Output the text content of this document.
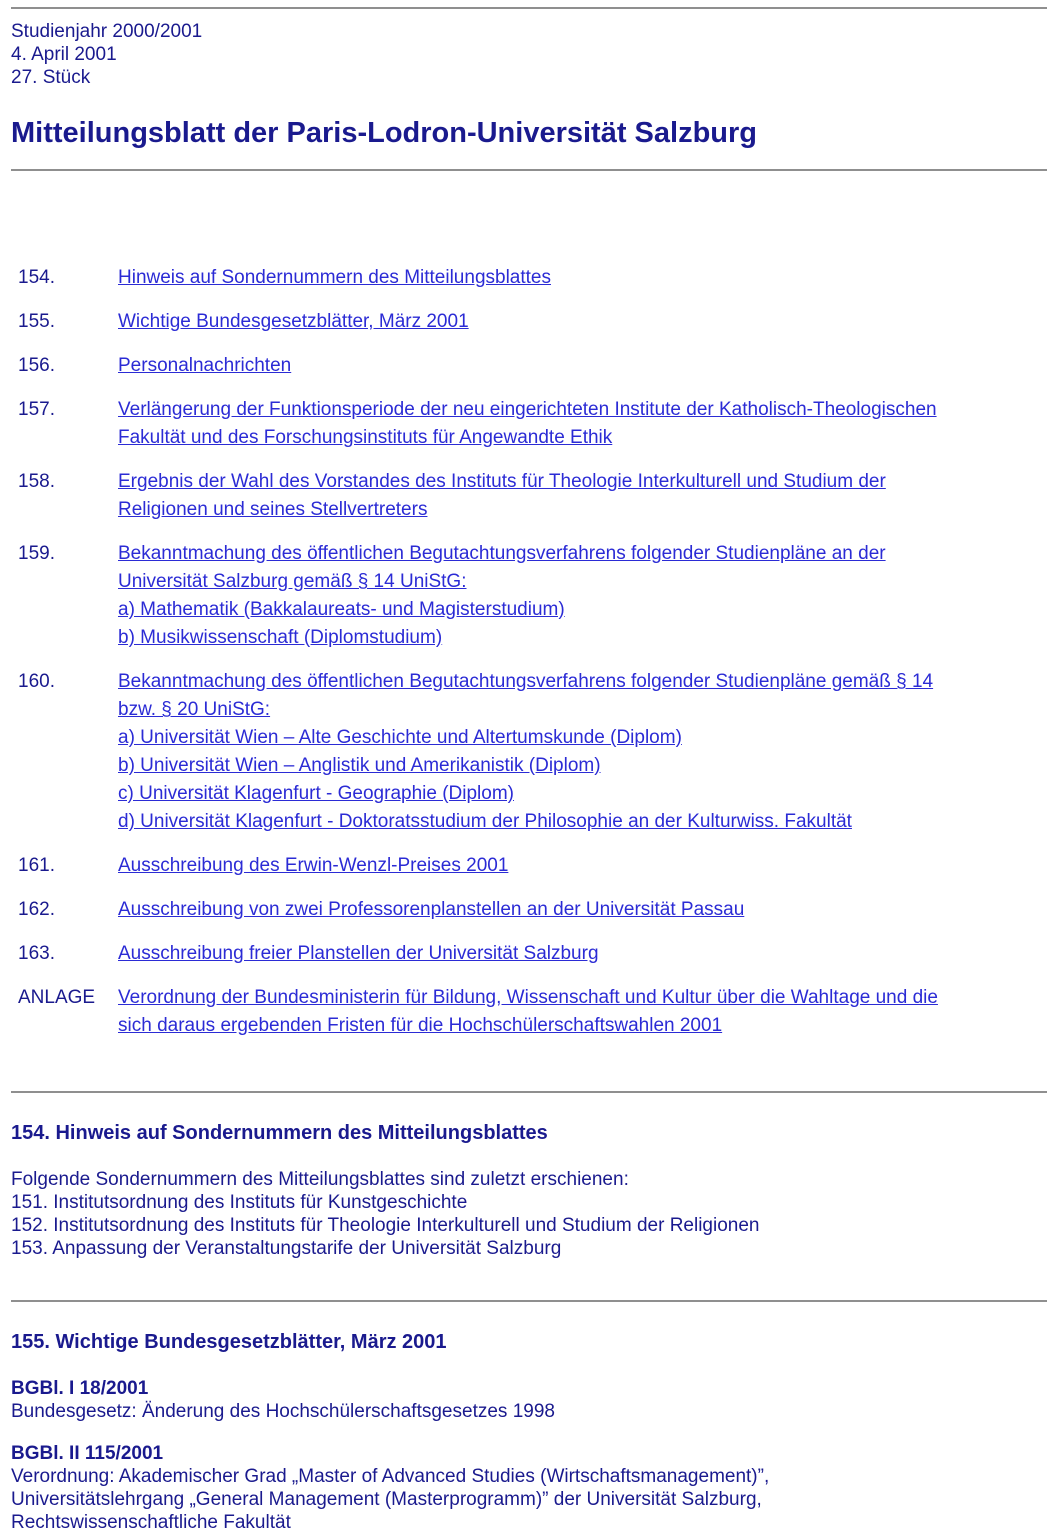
Studienjahr 2000/2001
4. April 2001
27. Stück
Mitteilungsblatt der Paris-Lodron-Universität Salzburg
154.	Hinweis auf Sondernummern des Mitteilungsblattes
155.	Wichtige Bundesgesetzblätter, März 2001
156.	Personalnachrichten
157.	Verlängerung der Funktionsperiode der neu eingerichteten Institute der Katholisch-Theologischen
Fakultät und des Forschungsinstituts für Angewandte Ethik
158.	Ergebnis der Wahl des Vorstandes des Instituts für Theologie Interkulturell und Studium der
Religionen und seines Stellvertreters
159.	Bekanntmachung des öffentlichen Begutachtungsverfahrens folgender Studienpläne an der
Universität Salzburg gemäß § 14 UniStG:
a) Mathematik (Bakkalaureats- und Magisterstudium)
b) Musikwissenschaft (Diplomstudium)
160.	Bekanntmachung des öffentlichen Begutachtungsverfahrens folgender Studienpläne gemäß § 14
bzw. § 20 UniStG:
a) Universität Wien – Alte Geschichte und Altertumskunde (Diplom)
b) Universität Wien – Anglistik und Amerikanistik (Diplom)
c) Universität Klagenfurt - Geographie (Diplom)
d) Universität Klagenfurt - Doktoratsstudium der Philosophie an der Kulturwiss. Fakultät
161.	Ausschreibung des Erwin-Wenzl-Preises 2001
162.	Ausschreibung von zwei Professorenplanstellen an der Universität Passau
163.	Ausschreibung freier Planstellen der Universität Salzburg
ANLAGE	Verordnung der Bundesministerin für Bildung, Wissenschaft und Kultur über die Wahltage und die
sich daraus ergebenden Fristen für die Hochschülerschaftswahlen 2001
154. Hinweis auf Sondernummern des Mitteilungsblattes
Folgende Sondernummern des Mitteilungsblattes sind zuletzt erschienen:
151. Institutsordnung des Instituts für Kunstgeschichte
152. Institutsordnung des Instituts für Theologie Interkulturell und Studium der Religionen
153. Anpassung der Veranstaltungstarife der Universität Salzburg
155. Wichtige Bundesgesetzblätter, März 2001
BGBl. I 18/2001
Bundesgesetz: Änderung des Hochschülerschaftsgesetzes 1998
BGBl. II 115/2001
Verordnung: Akademischer Grad „Master of Advanced Studies (Wirtschaftsmanagement)”,
Universitätslehrgang „General Management (Masterprogramm)” der Universität Salzburg,
Rechtswissenschaftliche Fakultät
